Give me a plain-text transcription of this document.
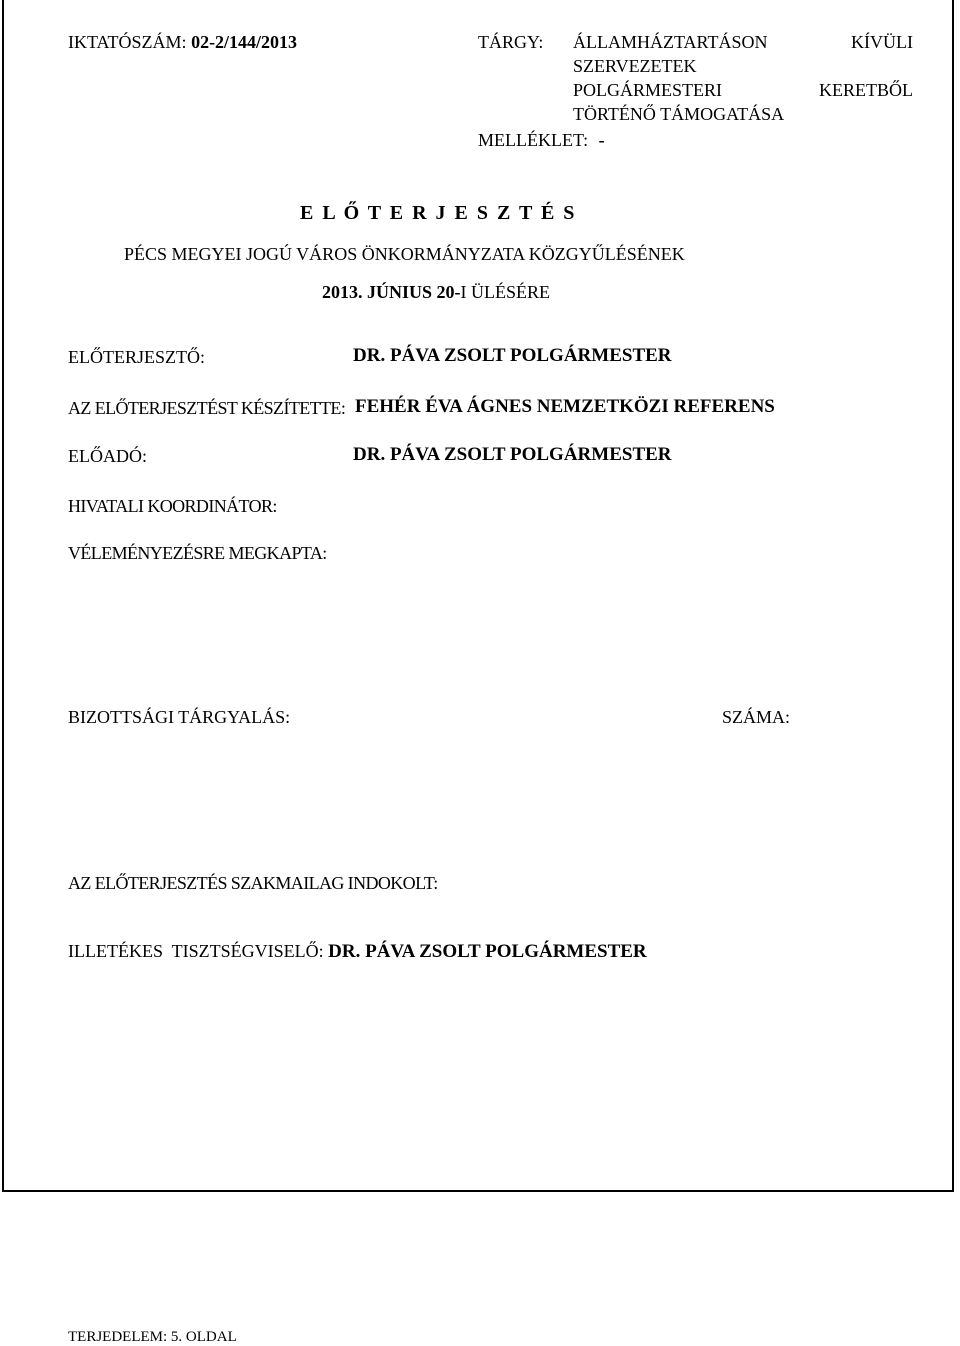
IKTATÓSZÁM: 02-2/144/2013	TÁRGY: ÁLLAMHÁZTARTÁSON	KÍVÜLI
SZERVEZETEK
POLGÁRMESTERI	KERETBŐL
TÖRTÉNŐ TÁMOGATÁSA
MELLÉKLET: -
E L Ő T E R J E S Z T É S
PÉCS MEGYEI JOGÚ VÁROS ÖNKORMÁNYZATA KÖZGYŰLÉSÉNEK
2013. JÚNIUS 20-I ÜLÉSÉRE
ELŐTERJESZTŐ:	DR. PÁVA ZSOLT POLGÁRMESTER
AZ ELŐTERJESZTÉST KÉSZÍTETTE: FEHÉR ÉVA ÁGNES NEMZETKÖZI REFERENS
ELŐADÓ:	DR. PÁVA ZSOLT POLGÁRMESTER
HIVATALI KOORDINÁTOR:
VÉLEMÉNYEZÉSRE MEGKAPTA:
BIZOTTSÁGI TÁRGYALÁS:	SZÁMA:
AZ ELŐTERJESZTÉS SZAKMAILAG INDOKOLT:
ILLETÉKES  TISZTSÉGVISELŐ: DR. PÁVA ZSOLT POLGÁRMESTER
TERJEDELEM: 5. OLDAL
